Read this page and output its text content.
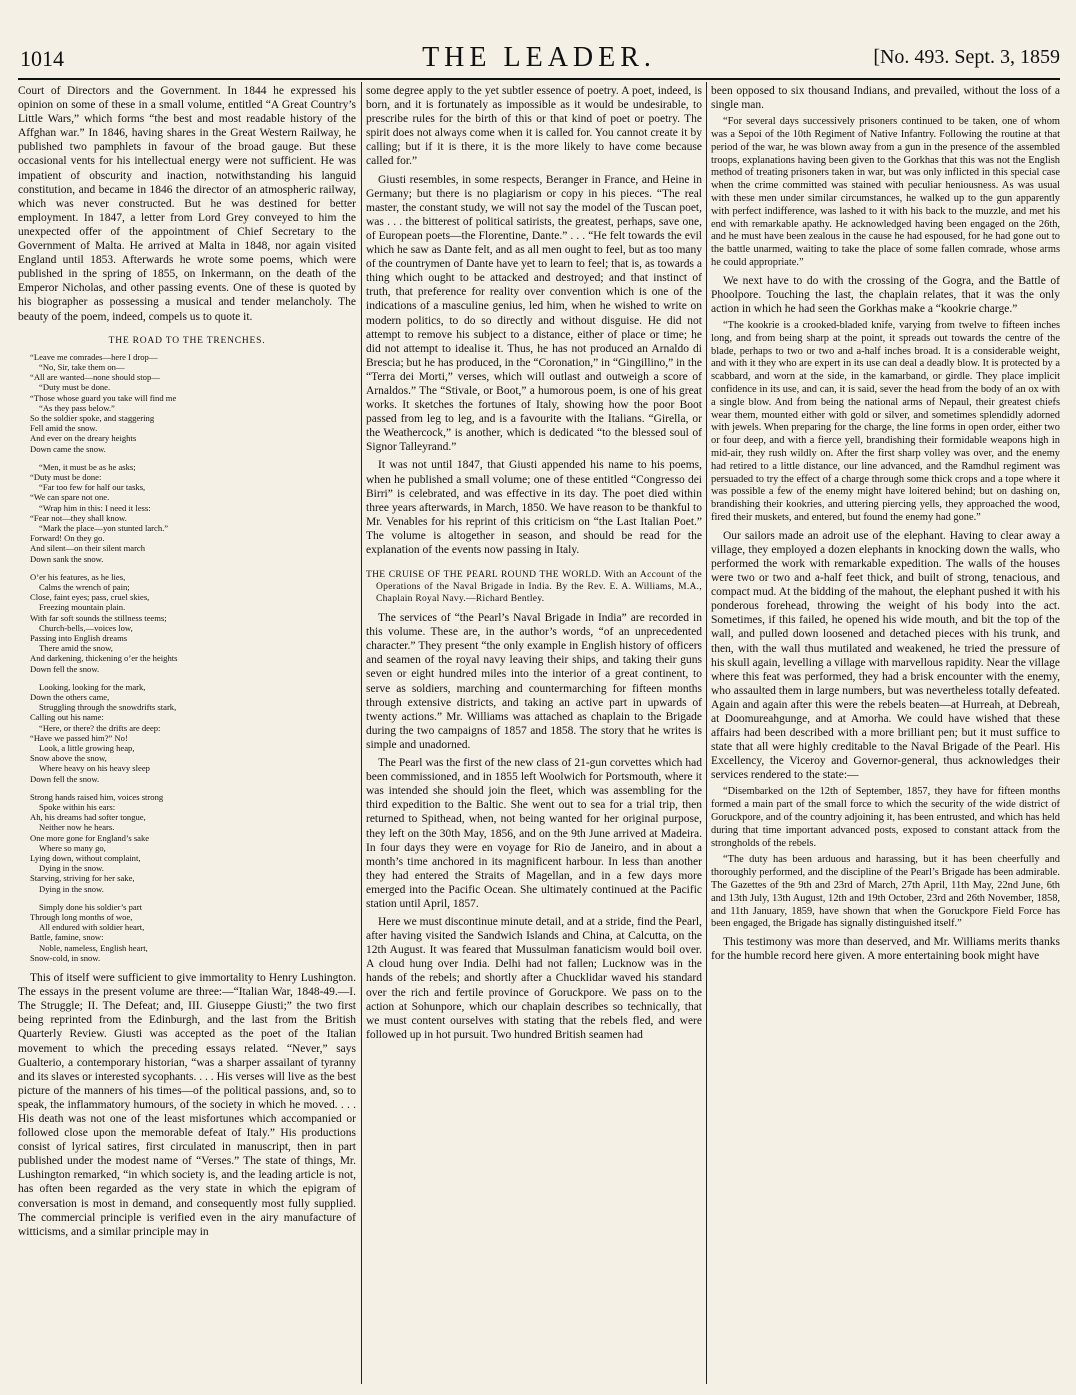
1014	THE LEADER.	[No. 493. Sept. 3, 1859

Court of Directors and the Government. In 1844 he expressed his opinion on some of these in a small volume, entitled “A Great Country’s Little Wars,” which forms “the best and most readable history of the Affghan war.” In 1846, having shares in the Great Western Railway, he published two pamphlets in favour of the broad gauge. But these occasional vents for his intellectual energy were not sufficient. He was impatient of obscurity and inaction, notwithstanding his languid constitution, and became in 1846 the director of an atmospheric railway, which was never constructed. But he was destined for better employment. In 1847, a letter from Lord Grey conveyed to him the unexpected offer of the appointment of Chief Secretary to the Government of Malta. He arrived at Malta in 1848, nor again visited England until 1853. Afterwards he wrote some poems, which were published in the spring of 1855, on Inkermann, on the death of the Emperor Nicholas, and other passing events. One of these is quoted by his biographer as possessing a musical and tender melancholy. The beauty of the poem, indeed, compels us to quote it.

THE ROAD TO THE TRENCHES.
“Leave me comrades—here I drop—
“No, Sir, take them on—
“All are wanted—none should stop—
“Duty must be done.
“Those whose guard you take will find me
“As they pass below.”
So the soldier spoke, and staggering
Fell amid the snow.
And ever on the dreary heights
Down came the snow.
“Men, it must be as he asks;
“Duty must be done:
“Far too few for half our tasks,
“We can spare not one.
“Wrap him in this: I need it less:
“Fear not—they shall know.
“Mark the place—yon stunted larch.”
Forward! On they go.
And silent—on their silent march
Down sank the snow.
O’er his features, as he lies,
Calms the wrench of pain;
Close, faint eyes; pass, cruel skies,
Freezing mountain plain.
With far soft sounds the stillness teems;
Church-bells,—voices low,
Passing into English dreams
There amid the snow,
And darkening, thickening o’er the heights
Down fell the snow.
Looking, looking for the mark,
Down the others came,
Struggling through the snowdrifts stark,
Calling out his name:
“Here, or there? the drifts are deep:
“Have we passed him?” No!
Look, a little growing heap,
Snow above the snow,
Where heavy on his heavy sleep
Down fell the snow.
Strong hands raised him, voices strong
Spoke within his ears:
Ah, his dreams had softer tongue,
Neither now he hears.
One more gone for England’s sake
Where so many go,
Lying down, without complaint,
Dying in the snow.
Starving, striving for her sake,
Dying in the snow.
Simply done his soldier’s part
Through long months of woe,
All endured with soldier heart,
Battle, famine, snow:
Noble, nameless, English heart,
Snow-cold, in snow.

This of itself were sufficient to give immortality to Henry Lushington. The essays in the present volume are three:—“Italian War, 1848-49.—I. The Struggle; II. The Defeat; and, III. Giuseppe Giusti;” the two first being reprinted from the Edinburgh, and the last from the British Quarterly Review. Giusti was accepted as the poet of the Italian movement to which the preceding essays related. “Never,” says Gualterio, a contemporary historian, “was a sharper assailant of tyranny and its slaves or interested sycophants. . . . His verses will live as the best picture of the manners of his times—of the political passions, and, so to speak, the inflammatory humours, of the society in which he moved. . . . His death was not one of the least misfortunes which accompanied or followed close upon the memorable defeat of Italy.” His productions consist of lyrical satires, first circulated in manuscript, then in part published under the modest name of “Verses.” The state of things, Mr. Lushington remarked, “in which society is, and the leading article is not, has often been regarded as the very state in which the epigram of conversation is most in demand, and consequently most fully supplied. The commercial principle is verified even in the airy manufacture of witticisms, and a similar principle may in

some degree apply to the yet subtler essence of poetry. A poet, indeed, is born, and it is fortunately as impossible as it would be undesirable, to prescribe rules for the birth of this or that kind of poet or poetry. The spirit does not always come when it is called for. You cannot create it by calling; but if it is there, it is the more likely to have come because called for.”

Giusti resembles, in some respects, Beranger in France, and Heine in Germany; but there is no plagiarism or copy in his pieces. “The real master, the constant study, we will not say the model of the Tuscan poet, was . . . the bitterest of political satirists, the greatest, perhaps, save one, of European poets—the Florentine, Dante.” . . . “He felt towards the evil which he saw as Dante felt, and as all men ought to feel, but as too many of the countrymen of Dante have yet to learn to feel; that is, as towards a thing which ought to be attacked and destroyed; and that instinct of truth, that preference for reality over convention which is one of the indications of a masculine genius, led him, when he wished to write on modern politics, to do so directly and without disguise. He did not attempt to remove his subject to a distance, either of place or time; he did not attempt to idealise it. Thus, he has not produced an Arnaldo di Brescia; but he has produced, in the “Coronation,” in “Gingillino,” in the “Terra dei Morti,” verses, which will outlast and outweigh a score of Arnaldos.” The “Stivale, or Boot,” a humorous poem, is one of his great works. It sketches the fortunes of Italy, showing how the poor Boot passed from leg to leg, and is a favourite with the Italians. “Girella, or the Weathercock,” is another, which is dedicated “to the blessed soul of Signor Talleyrand.”

It was not until 1847, that Giusti appended his name to his poems, when he published a small volume; one of these entitled “Congresso dei Birri” is celebrated, and was effective in its day. The poet died within three years afterwards, in March, 1850. We have reason to be thankful to Mr. Venables for his reprint of this criticism on “the Last Italian Poet.” The volume is altogether in season, and should be read for the explanation of the events now passing in Italy.

THE CRUISE OF THE PEARL ROUND THE WORLD. With an Account of the Operations of the Naval Brigade in India. By the Rev. E. A. Williams, M.A., Chaplain Royal Navy.—Richard Bentley.

The services of “the Pearl’s Naval Brigade in India” are recorded in this volume. These are, in the author’s words, “of an unprecedented character.” They present “the only example in English history of officers and seamen of the royal navy leaving their ships, and taking their guns seven or eight hundred miles into the interior of a great continent, to serve as soldiers, marching and countermarching for fifteen months through extensive districts, and taking an active part in upwards of twenty actions.” Mr. Williams was attached as chaplain to the Brigade during the two campaigns of 1857 and 1858. The story that he writes is simple and unadorned.

The Pearl was the first of the new class of 21-gun corvettes which had been commissioned, and in 1855 left Woolwich for Portsmouth, where it was intended she should join the fleet, which was assembling for the third expedition to the Baltic. She went out to sea for a trial trip, then returned to Spithead, when, not being wanted for her original purpose, they left on the 30th May, 1856, and on the 9th June arrived at Madeira. In four days they were en voyage for Rio de Janeiro, and in about a month’s time anchored in its magnificent harbour. In less than another they had entered the Straits of Magellan, and in a few days more emerged into the Pacific Ocean. She ultimately continued at the Pacific station until April, 1857.

Here we must discontinue minute detail, and at a stride, find the Pearl, after having visited the Sandwich Islands and China, at Calcutta, on the 12th August. It was feared that Mussulman fanaticism would boil over. A cloud hung over India. Delhi had not fallen; Lucknow was in the hands of the rebels; and shortly after a Chucklidar waved his standard over the rich and fertile province of Goruckpore. We pass on to the action at Sohunpore, which our chaplain describes so technically, that we must content ourselves with stating that the rebels fled, and were followed up in hot pursuit. Two hundred British seamen had

been opposed to six thousand Indians, and prevailed, without the loss of a single man.

“For several days successively prisoners continued to be taken, one of whom was a Sepoi of the 10th Regiment of Native Infantry. Following the routine at that period of the war, he was blown away from a gun in the presence of the assembled troops, explanations having been given to the Gorkhas that this was not the English method of treating prisoners taken in war, but was only inflicted in this special case when the crime committed was stained with peculiar heniousness. As was usual with these men under similar circumstances, he walked up to the gun apparently with perfect indifference, was lashed to it with his back to the muzzle, and met his end with remarkable apathy. He acknowledged having been engaged on the 26th, and he must have been zealous in the cause he had espoused, for he had gone out to the battle unarmed, waiting to take the place of some fallen comrade, whose arms he could appropriate.”

We next have to do with the crossing of the Gogra, and the Battle of Phoolpore. Touching the last, the chaplain relates, that it was the only action in which he had seen the Gorkhas make a “kookrie charge.”

“The kookrie is a crooked-bladed knife, varying from twelve to fifteen inches long, and from being sharp at the point, it spreads out towards the centre of the blade, perhaps to two or two and a-half inches broad. It is a considerable weight, and with it they who are expert in its use can deal a deadly blow. It is protected by a scabbard, and worn at the side, in the kamarband, or girdle. They place implicit confidence in its use, and can, it is said, sever the head from the body of an ox with a single blow. And from being the national arms of Nepaul, their greatest chiefs wear them, mounted either with gold or silver, and sometimes splendidly adorned with jewels. When preparing for the charge, the line forms in open order, either two or four deep, and with a fierce yell, brandishing their formidable weapons high in mid-air, they rush wildly on. After the first sharp volley was over, and the enemy had retired to a little distance, our line advanced, and the Ramdhul regiment was persuaded to try the effect of a charge through some thick crops and a tope where it was possible a few of the enemy might have loitered behind; but on dashing on, brandishing their kookries, and uttering piercing yells, they approached the wood, fired their muskets, and entered, but found the enemy had gone.”

Our sailors made an adroit use of the elephant. Having to clear away a village, they employed a dozen elephants in knocking down the walls, who performed the work with remarkable expedition. The walls of the houses were two or two and a-half feet thick, and built of strong, tenacious, and compact mud. At the bidding of the mahout, the elephant pushed it with his ponderous forehead, throwing the weight of his body into the act. Sometimes, if this failed, he opened his wide mouth, and bit the top of the wall, and pulled down loosened and detached pieces with his trunk, and then, with the wall thus mutilated and weakened, he tried the pressure of his skull again, levelling a village with marvellous rapidity. Near the village where this feat was performed, they had a brisk encounter with the enemy, who assaulted them in large numbers, but was nevertheless totally defeated. Again and again after this were the rebels beaten—at Hurreah, at Debreah, at Doomureahgunge, and at Amorha. We could have wished that these affairs had been described with a more brilliant pen; but it must suffice to state that all were highly creditable to the Naval Brigade of the Pearl. His Excellency, the Viceroy and Governor-general, thus acknowledges their services rendered to the state:—

“Disembarked on the 12th of September, 1857, they have for fifteen months formed a main part of the small force to which the security of the wide district of Goruckpore, and of the country adjoining it, has been entrusted, and which has held during that time important advanced posts, exposed to constant attack from the strongholds of the rebels.

“The duty has been arduous and harassing, but it has been cheerfully and thoroughly performed, and the discipline of the Pearl’s Brigade has been admirable. The Gazettes of the 9th and 23rd of March, 27th April, 11th May, 22nd June, 6th and 13th July, 13th August, 12th and 19th October, 23rd and 26th November, 1858, and 11th January, 1859, have shown that when the Goruckpore Field Force has been engaged, the Brigade has signally distinguished itself.”

This testimony was more than deserved, and Mr. Williams merits thanks for the humble record here given. A more entertaining book might have
